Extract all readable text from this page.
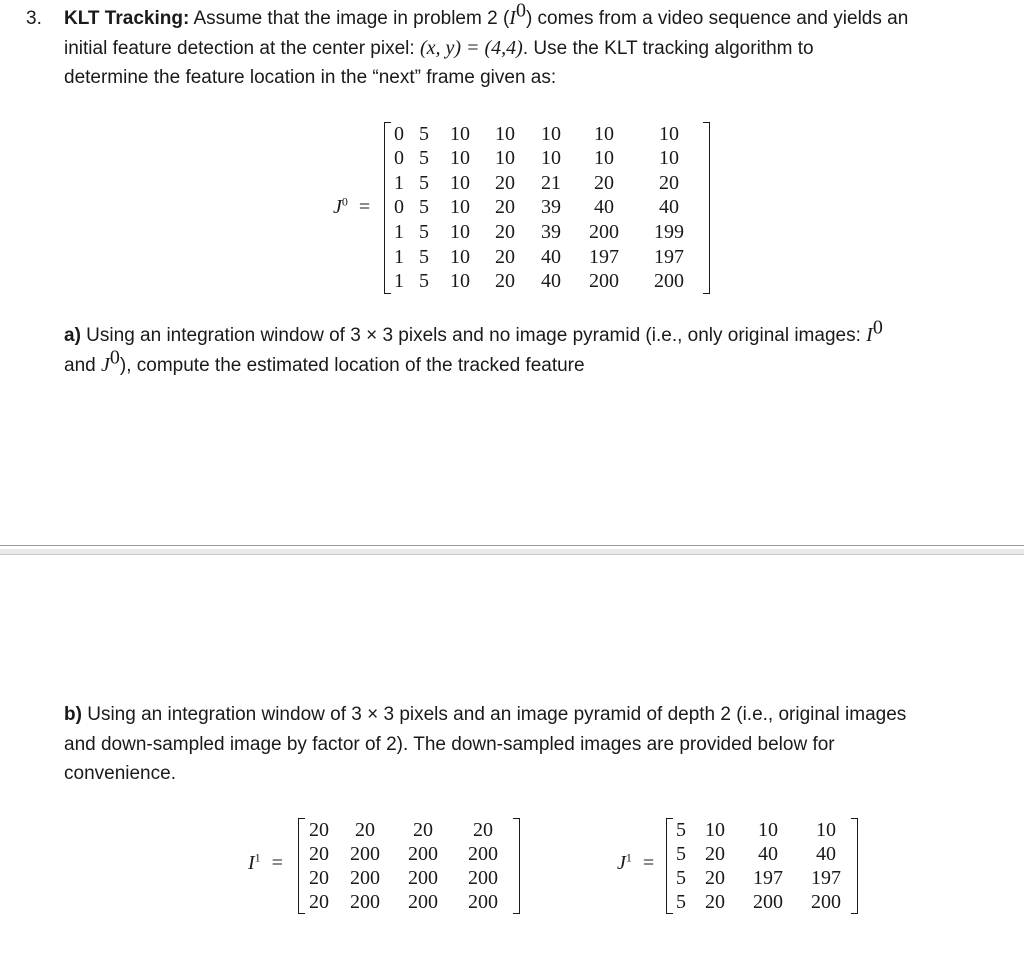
3. KLT Tracking: Assume that the image in problem 2 $(I^0)$ comes from a video sequence and yields an
initial feature detection at the center pixel: (x, y) = (4,4). Use the KLT tracking algorithm to
determine the feature location in the “next” frame given as:
$J^0$ =
0	5	10	10	10	10	10
0	5	10	10	10	10	10
1	5	10	20	21	20	20
0	5	10	20	39	40	40
1	5	10	20	39	200	199
1	5	10	20	40	197	197
1	5	10	20	40	200	200
a) Using an integration window of 3 × 3 pixels and no image pyramid (i.e., only original images: $I^0$
and $J^0$), compute the estimated location of the tracked feature
b) Using an integration window of 3 × 3 pixels and an image pyramid of depth 2 (i.e., original images
and down-sampled image by factor of 2). The down-sampled images are provided below for
convenience.
$I^1$ =
20	20	20	20
20	200	200	200
20	200	200	200
20	200	200	200
$J^1$ =
5	10	10	10
5	20	40	40
5	20	197	197
5	20	200	200
